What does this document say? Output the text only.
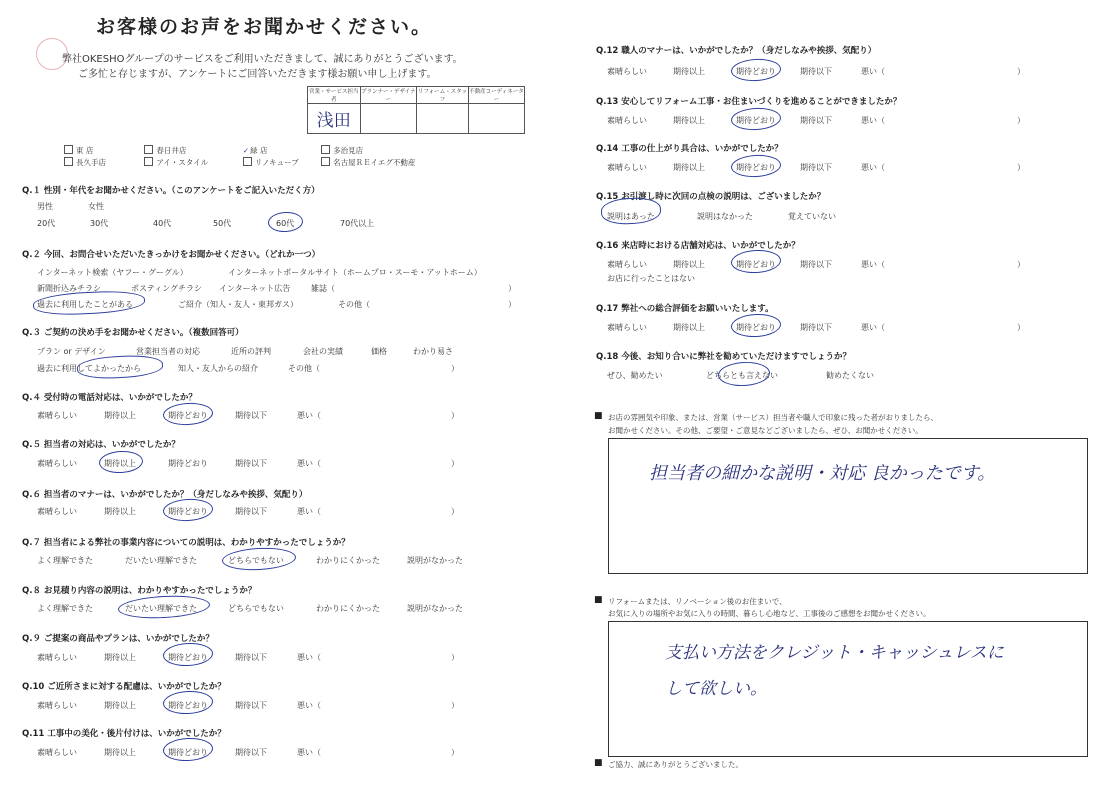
お客様のお声をお聞かせください。
弊社OKESHOグループのサービスをご利用いただきまして、誠にありがとうございます。
ご多忙と存じますが、アンケートにご回答いただきます様お願い申し上げます。
営業・サービス担当者	プランナー・デザイナー	リフォーム・スタッフ	不動産コーディネーター
浅田			
東 店	春日井店	✓緑 店	多治見店
長久手店	アイ・スタイル	リノキューブ	名古屋ＲＥイエグ不動産
Q.１ 性別・年代をお聞かせください。（このアンケートをご記入いただく方）
男性	女性
20代	30代	40代	50代	60代	70代以上
Q.２ 今回、お問合せいただいたきっかけをお聞かせください。（どれか一つ）
インターネット検索（ヤフー・グーグル）	インターネットポータルサイト（ホームプロ・スーモ・アットホーム）
新聞折込みチラシ	ポスティングチラシ インターネット広告	雑誌（	）
過去に利用したことがある	ご紹介（知人・友人・東邦ガス）	その他（	）
Q.３ ご契約の決め手をお聞かせください。（複数回答可）
プラン or デザイン	営業担当者の対応	近所の評判	会社の実績	価格	わかり易さ
過去に利用してよかったから	知人・友人からの紹介	その他（	）
Q.４ 受付時の電話対応は、いかがでしたか？
素晴らしい	期待以上	期待どおり	期待以下	悪い（	）
Q.５ 担当者の対応は、いかがでしたか？
素晴らしい	期待以上	期待どおり	期待以下	悪い（	）
Q.６ 担当者のマナーは、いかがでしたか？（身だしなみや挨拶、気配り）
素晴らしい	期待以上	期待どおり	期待以下	悪い（	）
Q.７ 担当者による弊社の事業内容についての説明は、わかりやすかったでしょうか？
よく理解できた	だいたい理解できた	どちらでもない	わかりにくかった	説明がなかった
Q.８ お見積り内容の説明は、わかりやすかったでしょうか？
よく理解できた	だいたい理解できた	どちらでもない	わかりにくかった	説明がなかった
Q.９ ご提案の商品やプランは、いかがでしたか？
素晴らしい	期待以上	期待どおり	期待以下	悪い（	）
Q.10 ご近所さまに対する配慮は、いかがでしたか？
素晴らしい	期待以上	期待どおり	期待以下	悪い（	）
Q.11 工事中の美化・後片付けは、いかがでしたか？
素晴らしい	期待以上	期待どおり	期待以下	悪い（	）
Q.12 職人のマナーは、いかがでしたか？（身だしなみや挨拶、気配り）
素晴らしい	期待以上	期待どおり	期待以下	悪い（	）
Q.13 安心してリフォーム工事・お住まいづくりを進めることができましたか？
素晴らしい	期待以上	期待どおり	期待以下	悪い（	）
Q.14 工事の仕上がり具合は、いかがでしたか？
素晴らしい	期待以上	期待どおり	期待以下	悪い（	）
Q.15 お引渡し時に次回の点検の説明は、ございましたか？
説明はあった	説明はなかった	覚えていない
Q.16 来店時における店舗対応は、いかがでしたか？
素晴らしい	期待以上	期待どおり	期待以下	悪い（	）
お店に行ったことはない
Q.17 弊社への総合評価をお願いいたします。
素晴らしい	期待以上	期待どおり	期待以下	悪い（	）
Q.18 今後、お知り合いに弊社を勧めていただけますでしょうか？
ぜひ、勧めたい	どちらとも言えない	勧めたくない
■ お店の雰囲気や印象、または、営業（サービス）担当者や職人で印象に残った者がおりましたら、
お聞かせください。その他、ご要望・ご意見などございましたら、ぜひ、お聞かせください。
担当者の細かな説明・対応 良かったです。
■ リフォームまたは、リノベーション後のお住まいで、
お気に入りの場所やお気に入りの時間、暮らし心地など、工事後のご感想をお聞かせください。
支払い方法をクレジット・キャッシュレスに
して欲しい。
■ ご協力、誠にありがとうございました。
